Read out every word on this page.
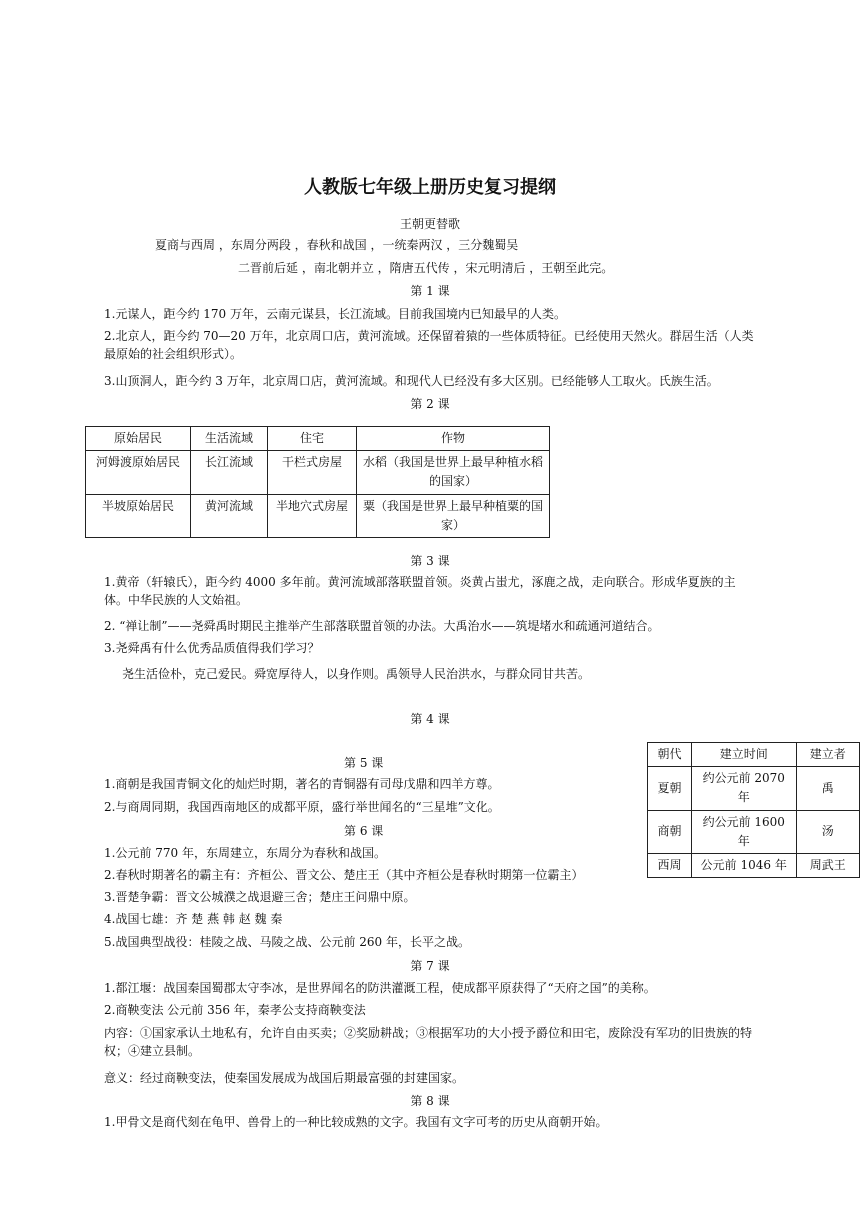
人教版七年级上册历史复习提纲
王朝更替歌
夏商与西周 ，东周分两段 ，春秋和战国 ，一统秦两汉 ，三分魏蜀吴
二晋前后延 ，南北朝并立 ，隋唐五代传 ，宋元明清后 ，王朝至此完。
第 1 课
1.元谋人，距今约 170 万年，云南元谋县，长江流域。目前我国境内已知最早的人类。
2.北京人，距今约 70—20 万年，北京周口店，黄河流域。还保留着猿的一些体质特征。已经使用天然火。群居生活（人类最原始的社会组织形式）。
3.山顶洞人，距今约 3 万年，北京周口店，黄河流域。和现代人已经没有多大区别。已经能够人工取火。氏族生活。
第 2 课
原始居民	生活流域	住宅	作物
河姆渡原始居民	长江流域	干栏式房屋	水稻（我国是世界上最早种植水稻的国家）
半坡原始居民	黄河流域	半地穴式房屋	粟（我国是世界上最早种植粟的国家）
第 3 课
1.黄帝（轩辕氏），距今约 4000 多年前。黄河流域部落联盟首领。炎黄占蚩尤，涿鹿之战，走向联合。形成华夏族的主体。中华民族的人文始祖。
2. “禅让制”——尧舜禹时期民主推举产生部落联盟首领的办法。大禹治水——筑堤堵水和疏通河道结合。
3.尧舜禹有什么优秀品质值得我们学习？
尧生活俭朴，克己爱民。舜宽厚待人，以身作则。禹领导人民治洪水，与群众同甘共苦。
第 4 课
朝代	建立时间	建立者
夏朝	约公元前 2070 年	禹
商朝	约公元前 1600 年	汤
西周	公元前 1046 年	周武王
第 5 课
1.商朝是我国青铜文化的灿烂时期，著名的青铜器有司母戊鼎和四羊方尊。
2.与商周同期，我国西南地区的成都平原，盛行举世闻名的“三星堆”文化。
第 6 课
1.公元前 770 年，东周建立，东周分为春秋和战国。
2.春秋时期著名的霸主有：齐桓公、晋文公、楚庄王（其中齐桓公是春秋时期第一位霸主）
3.晋楚争霸：晋文公城濮之战退避三舍；楚庄王问鼎中原。
4.战国七雄：齐 楚 燕 韩 赵 魏 秦
5.战国典型战役：桂陵之战、马陵之战、公元前 260 年，长平之战。
第 7 课
1.都江堰：战国秦国蜀郡太守李冰，是世界闻名的防洪灌溉工程，使成都平原获得了“天府之国”的美称。
2.商鞅变法 公元前 356 年，秦孝公支持商鞅变法
内容：①国家承认土地私有，允许自由买卖；②奖励耕战；③根据军功的大小授予爵位和田宅，废除没有军功的旧贵族的特权；④建立县制。
意义：经过商鞅变法，使秦国发展成为战国后期最富强的封建国家。
第 8 课
1.甲骨文是商代刻在龟甲、兽骨上的一种比较成熟的文字。我国有文字可考的历史从商朝开始。
